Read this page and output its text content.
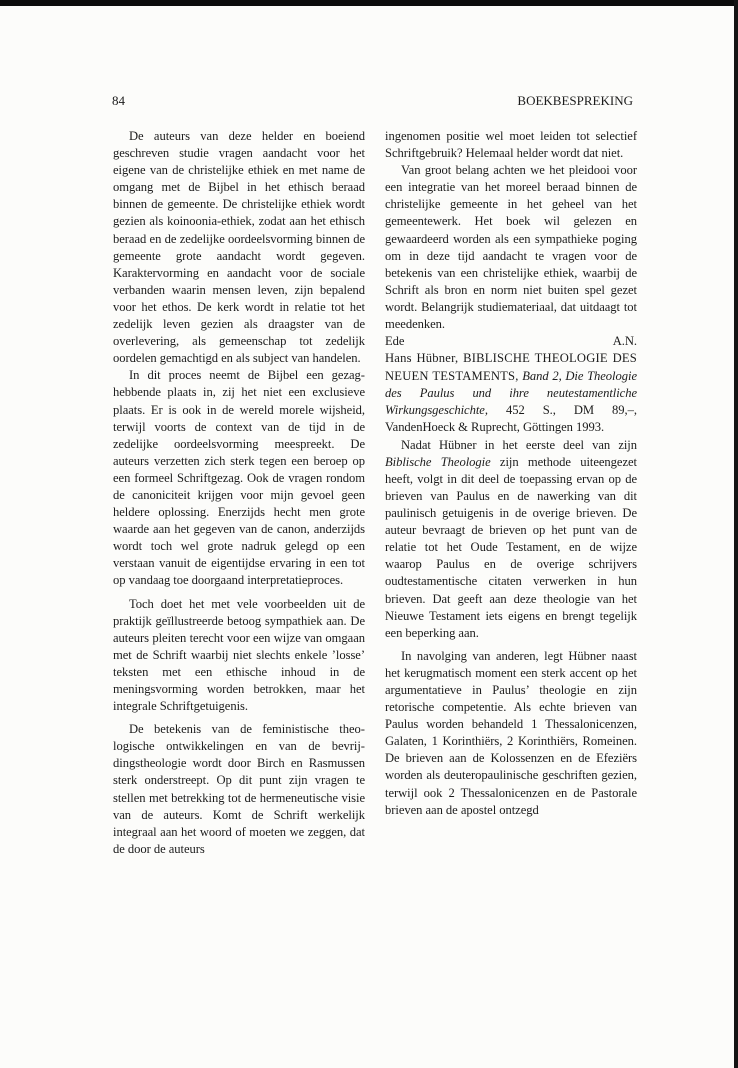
84	BOEKBESPREKING

De auteurs van deze helder en boeiend geschreven studie vragen aandacht voor het eigene van de christelijke ethiek en met name de omgang met de Bijbel in het ethisch beraad binnen de gemeente. De christelijke ethiek wordt gezien als koinoonia-ethiek, zodat aan het ethisch beraad en de zedelijke oordeelsvorming binnen de gemeente grote aandacht wordt gegeven. Karaktervorming en aandacht voor de sociale verbanden waarin mensen leven, zijn bepalend voor het ethos. De kerk wordt in relatie tot het zedelijk leven gezien als draagster van de overlevering, als gemeenschap tot zedelijk oordelen gemachtigd en als subject van handelen.

In dit proces neemt de Bijbel een gezaghebbende plaats in, zij het niet een exclusieve plaats. Er is ook in de wereld morele wijsheid, terwijl voorts de context van de tijd in de zedelijke oordeelsvorming meespreekt. De auteurs verzetten zich sterk tegen een beroep op een formeel Schriftgezag. Ook de vragen rondom de canoniciteit krijgen voor mijn gevoel geen heldere oplossing. Enerzijds hecht men grote waarde aan het gegeven van de canon, anderzijds wordt toch wel grote nadruk gelegd op een verstaan vanuit de eigentijdse ervaring in een tot op vandaag toe doorgaand interpretatieproces.

Toch doet het met vele voorbeelden uit de praktijk geïllustreerde betoog sympathiek aan. De auteurs pleiten terecht voor een wijze van omgaan met de Schrift waarbij niet slechts enkele ’losse’ teksten met een ethische inhoud in de meningsvorming worden betrokken, maar het integrale Schriftgetuigenis.

De betekenis van de feministische theologische ontwikkelingen en van de bevrijdingstheologie wordt door Birch en Rasmussen sterk onderstreept. Op dit punt zijn vragen te stellen met betrekking tot de hermeneutische visie van de auteurs. Komt de Schrift werkelijk integraal aan het woord of moeten we zeggen, dat de door de auteurs

ingenomen positie wel moet leiden tot selectief Schriftgebruik? Helemaal helder wordt dat niet.

Van groot belang achten we het pleidooi voor een integratie van het moreel beraad binnen de christelijke gemeente in het geheel van het gemeentewerk. Het boek wil gelezen en gewaardeerd worden als een sympathieke poging om in deze tijd aandacht te vragen voor de betekenis van een christelijke ethiek, waarbij de Schrift als bron en norm niet buiten spel gezet wordt. Belangrijk studiemateriaal, dat uitdaagt tot meedenken.

Ede	A.N.

Hans Hübner, BIBLISCHE THEOLOGIE DES NEUEN TESTAMENTS, Band 2, Die Theologie des Paulus und ihre neutestamentliche Wirkungsgeschichte, 452 S., DM 89,–, VandenHoeck & Ruprecht, Göttingen 1993.

Nadat Hübner in het eerste deel van zijn Biblische Theologie zijn methode uiteengezet heeft, volgt in dit deel de toepassing ervan op de brieven van Paulus en de nawerking van dit paulinisch getuigenis in de overige brieven. De auteur bevraagt de brieven op het punt van de relatie tot het Oude Testament, en de wijze waarop Paulus en de overige schrijvers oudtestamentische citaten verwerken in hun brieven. Dat geeft aan deze theologie van het Nieuwe Testament iets eigens en brengt tegelijk een beperking aan.

In navolging van anderen, legt Hübner naast het kerugmatisch moment een sterk accent op het argumentatieve in Paulus’ theologie en zijn retorische competentie. Als echte brieven van Paulus worden behandeld 1 Thessalonicenzen, Galaten, 1 Korinthiërs, 2 Korinthiërs, Romeinen. De brieven aan de Kolossenzen en de Efeziërs worden als deuteropaulinische geschriften gezien, terwijl ook 2 Thessalonicenzen en de Pastorale brieven aan de apostel ontzegd
